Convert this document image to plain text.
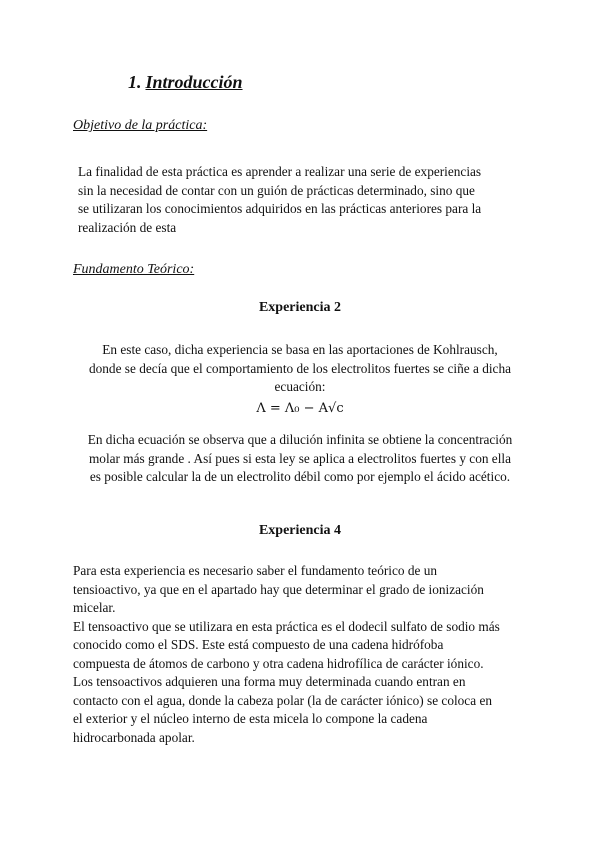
1. Introducción
Objetivo de la práctica:
La finalidad de esta práctica es aprender a realizar una serie de experiencias
sin la necesidad de contar con un guión de prácticas determinado, sino que
se utilizaran los conocimientos adquiridos en las prácticas anteriores para la
realización de esta
Fundamento Teórico:
Experiencia 2
En este caso, dicha experiencia se basa en las aportaciones de Kohlrausch,
donde se decía que el comportamiento de los electrolitos fuertes se ciñe a dicha
ecuación:
Λ = Λ₀ − A√c
En dicha ecuación se observa que a dilución infinita se obtiene la concentración
molar más grande . Así pues si esta ley se aplica a electrolitos fuertes y con ella
es posible calcular la de un electrolito débil como por ejemplo el ácido acético.
Experiencia 4
Para esta experiencia es necesario saber el fundamento teórico de un
tensioactivo, ya que en el apartado hay que determinar el grado de ionización
micelar.
El tensoactivo que se utilizara en esta práctica es el dodecil sulfato de sodio más
conocido como el SDS. Este está compuesto de una cadena hidrófoba
compuesta de átomos de carbono y otra cadena hidrofílica de carácter iónico.
Los tensoactivos adquieren una forma muy determinada cuando entran en
contacto con el agua, donde la cabeza polar (la de carácter iónico) se coloca en
el exterior y el núcleo interno de esta micela lo compone la cadena
hidrocarbonada apolar.
